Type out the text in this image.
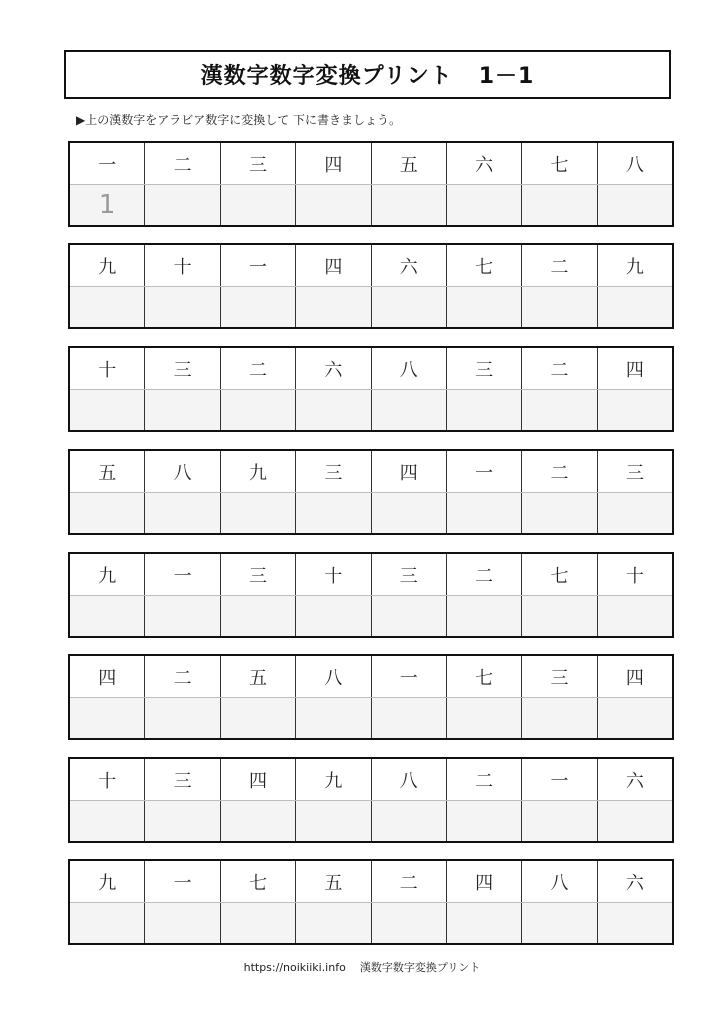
漢数字数字変換プリント 1－1
▶上の漢数字をアラビア数字に変換して 下に書きましょう。
一	二	三	四	五	六	七	八
1
九	十	一	四	六	七	二	九
十	三	二	六	八	三	二	四
五	八	九	三	四	一	二	三
九	一	三	十	三	二	七	十
四	二	五	八	一	七	三	四
十	三	四	九	八	二	一	六
九	一	七	五	二	四	八	六
https://noikiiki.info 漢数字数字変換プリント
